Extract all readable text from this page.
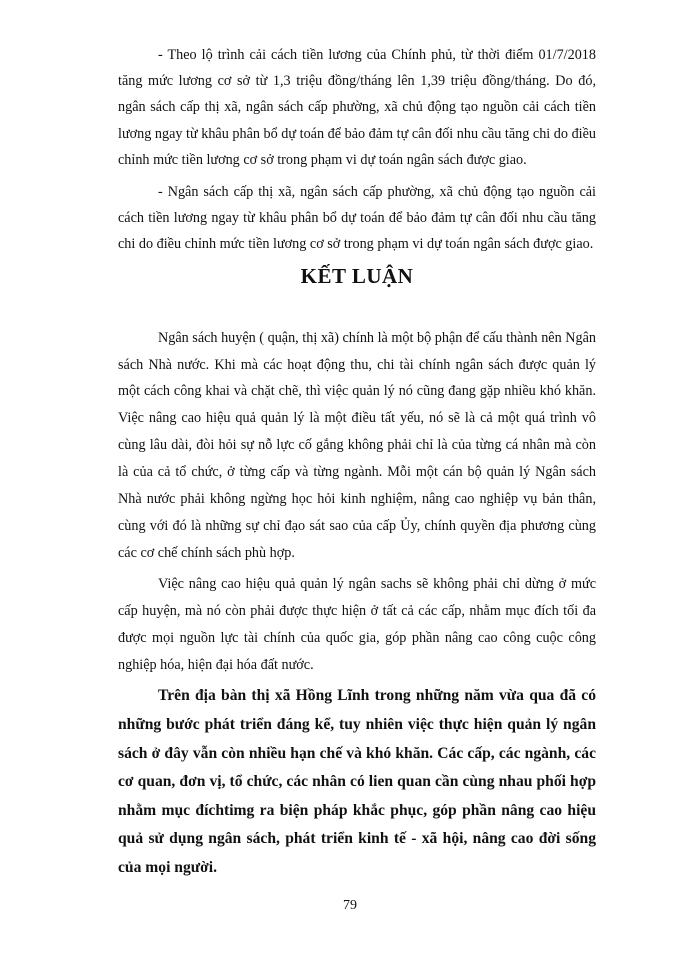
- Theo lộ trình cải cách tiền lương của Chính phủ, từ thời điểm 01/7/2018 tăng mức lương cơ sở từ 1,3 triệu đồng/tháng lên 1,39 triệu đồng/tháng. Do đó, ngân sách cấp thị xã, ngân sách cấp phường, xã chủ động tạo nguồn cải cách tiền lương ngay từ khâu phân bổ dự toán để bảo đảm tự cân đối nhu cầu tăng chi do điều chỉnh mức tiền lương cơ sở trong phạm vi dự toán ngân sách được giao.

- Ngân sách cấp thị xã, ngân sách cấp phường, xã chủ động tạo nguồn cải cách tiền lương ngay từ khâu phân bổ dự toán để bảo đảm tự cân đối nhu cầu tăng chi do điều chỉnh mức tiền lương cơ sở trong phạm vi dự toán ngân sách được giao.

KẾT LUẬN

Ngân sách huyện ( quận, thị xã) chính là một bộ phận để cấu thành nên Ngân sách Nhà nước. Khi mà các hoạt động thu, chi tài chính ngân sách được quản lý một cách công khai và chặt chẽ, thì việc quản lý nó cũng đang gặp nhiều khó khăn. Việc nâng cao hiệu quả quản lý là một điều tất yếu, nó sẽ là cả một quá trình vô cùng lâu dài, đòi hỏi sự nỗ lực cố gắng không phải chỉ là của từng cá nhân mà còn là của cả tổ chức, ở từng cấp và từng ngành. Mỗi một cán bộ quản lý Ngân sách Nhà nước phải không ngừng học hỏi kinh nghiệm, nâng cao nghiệp vụ bản thân, cùng với đó là những sự chỉ đạo sát sao của cấp Ủy, chính quyền địa phương cùng các cơ chế chính sách phù hợp.

Việc nâng cao hiệu quả quản lý ngân sachs sẽ không phải chỉ dừng ở mức cấp huyện, mà nó còn phải được thực hiện ở tất cả các cấp, nhằm mục đích tối đa được mọi nguồn lực tài chính của quốc gia, góp phần nâng cao công cuộc công nghiệp hóa, hiện đại hóa đất nước.

Trên địa bàn thị xã Hồng Lĩnh trong những năm vừa qua đã có những bước phát triển đáng kể, tuy nhiên việc thực hiện quản lý ngân sách ở đây vẫn còn nhiều hạn chế và khó khăn. Các cấp, các ngành, các cơ quan, đơn vị, tổ chức, các nhân có lien quan cần cùng nhau phối hợp nhằm mục đíchtimg ra biện pháp khắc phục, góp phần nâng cao hiệu quả sử dụng ngân sách, phát triển kinh tế - xã hội, nâng cao đời sống của mọi người.

79
